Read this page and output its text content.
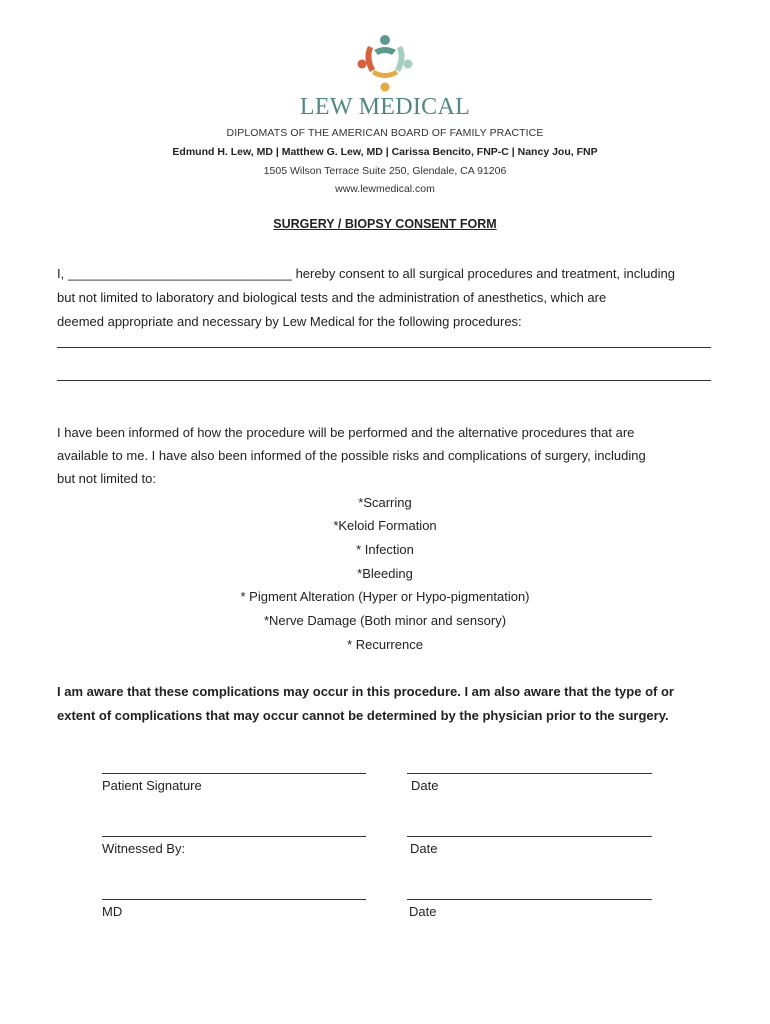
LEW MEDICAL
DIPLOMATS OF THE AMERICAN BOARD OF FAMILY PRACTICE
Edmund H. Lew, MD | Matthew G. Lew, MD | Carissa Bencito, FNP-C | Nancy Jou, FNP
1505 Wilson Terrace Suite 250, Glendale, CA 91206
www.lewmedical.com
SURGERY / BIOPSY CONSENT FORM
I, _______________________________ hereby consent to all surgical procedures and treatment, including
but not limited to laboratory and biological tests and the administration of anesthetics, which are
deemed appropriate and necessary by Lew Medical for the following procedures:
I have been informed of how the procedure will be performed and the alternative procedures that are
available to me. I have also been informed of the possible risks and complications of surgery, including
but not limited to:
*Scarring
*Keloid Formation
* Infection
*Bleeding
* Pigment Alteration (Hyper or Hypo-pigmentation)
*Nerve Damage (Both minor and sensory)
* Recurrence
I am aware that these complications may occur in this procedure. I am also aware that the type of or
extent of complications that may occur cannot be determined by the physician prior to the surgery.
Patient Signature	Date
Witnessed By:	Date
MD	Date
